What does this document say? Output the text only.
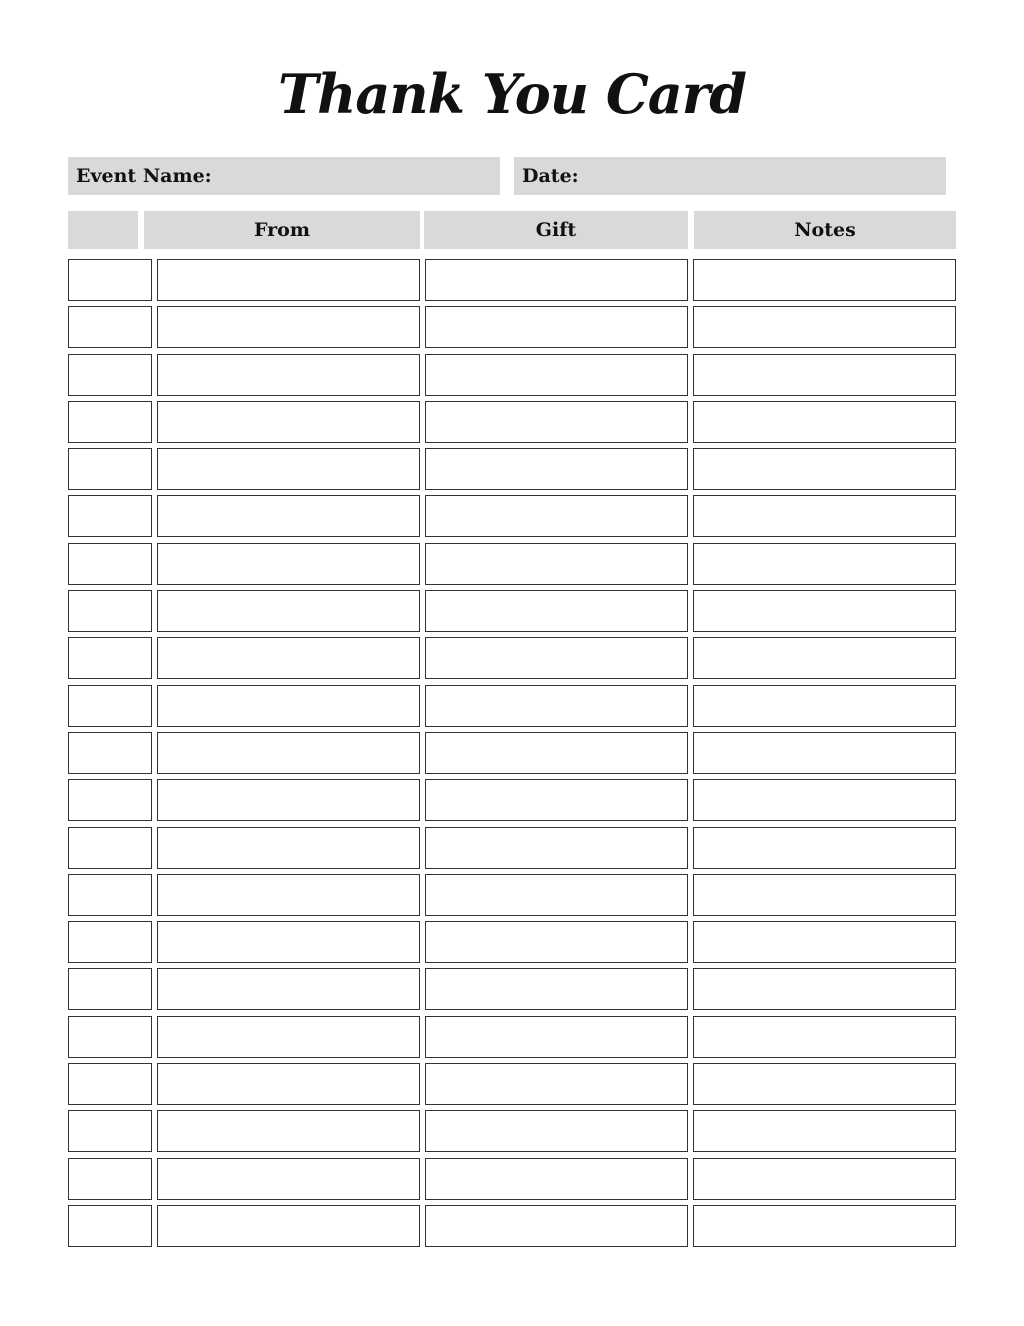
Thank You Card
Event Name:	Date:
From	Gift	Notes
